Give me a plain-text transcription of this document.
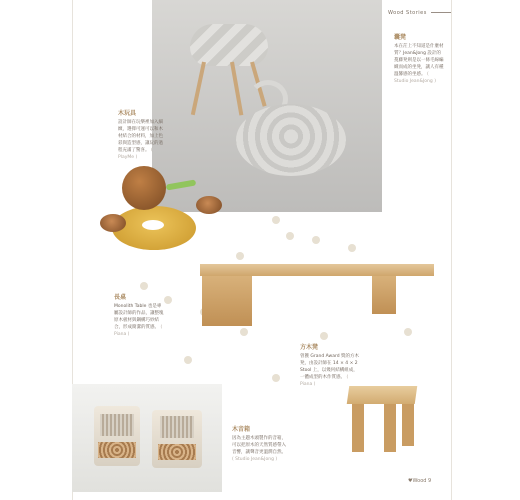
Wood Stories
囊凳
本在茫上不知道是什麼材質？Jean&Jong 設計的蔓藤凳則是以一條毛線編織而成的坐凳，讓人有種溫馨感的坐感。 ( Studio Jean&Jong )
木玩具
設計師在玩樂裡加入細緻，選擇可運可以和木材結合的材料，加上色彩與造型感，讓玩的過程充滿了驚喜。 ( PlayMe )
長桌
Monolith Table 也是專屬設計師的作品，讓整塊原木板材與鋼構巧妙結合，形成簡潔的質感。 ( Piana )
方木凳
曾獲 Grand Award 獎的方木凳，由設計師在 14 × 4 × 2 Stool 上，以幾何結構組成，一體成型的木作質感。 ( Piana )
木音箱
因為主題木頭製作的音箱，可以把原木的天然質感帶入音響，讓聲音更溫潤自然。 ( Studio Jean&Jong )
♥Wood 9
